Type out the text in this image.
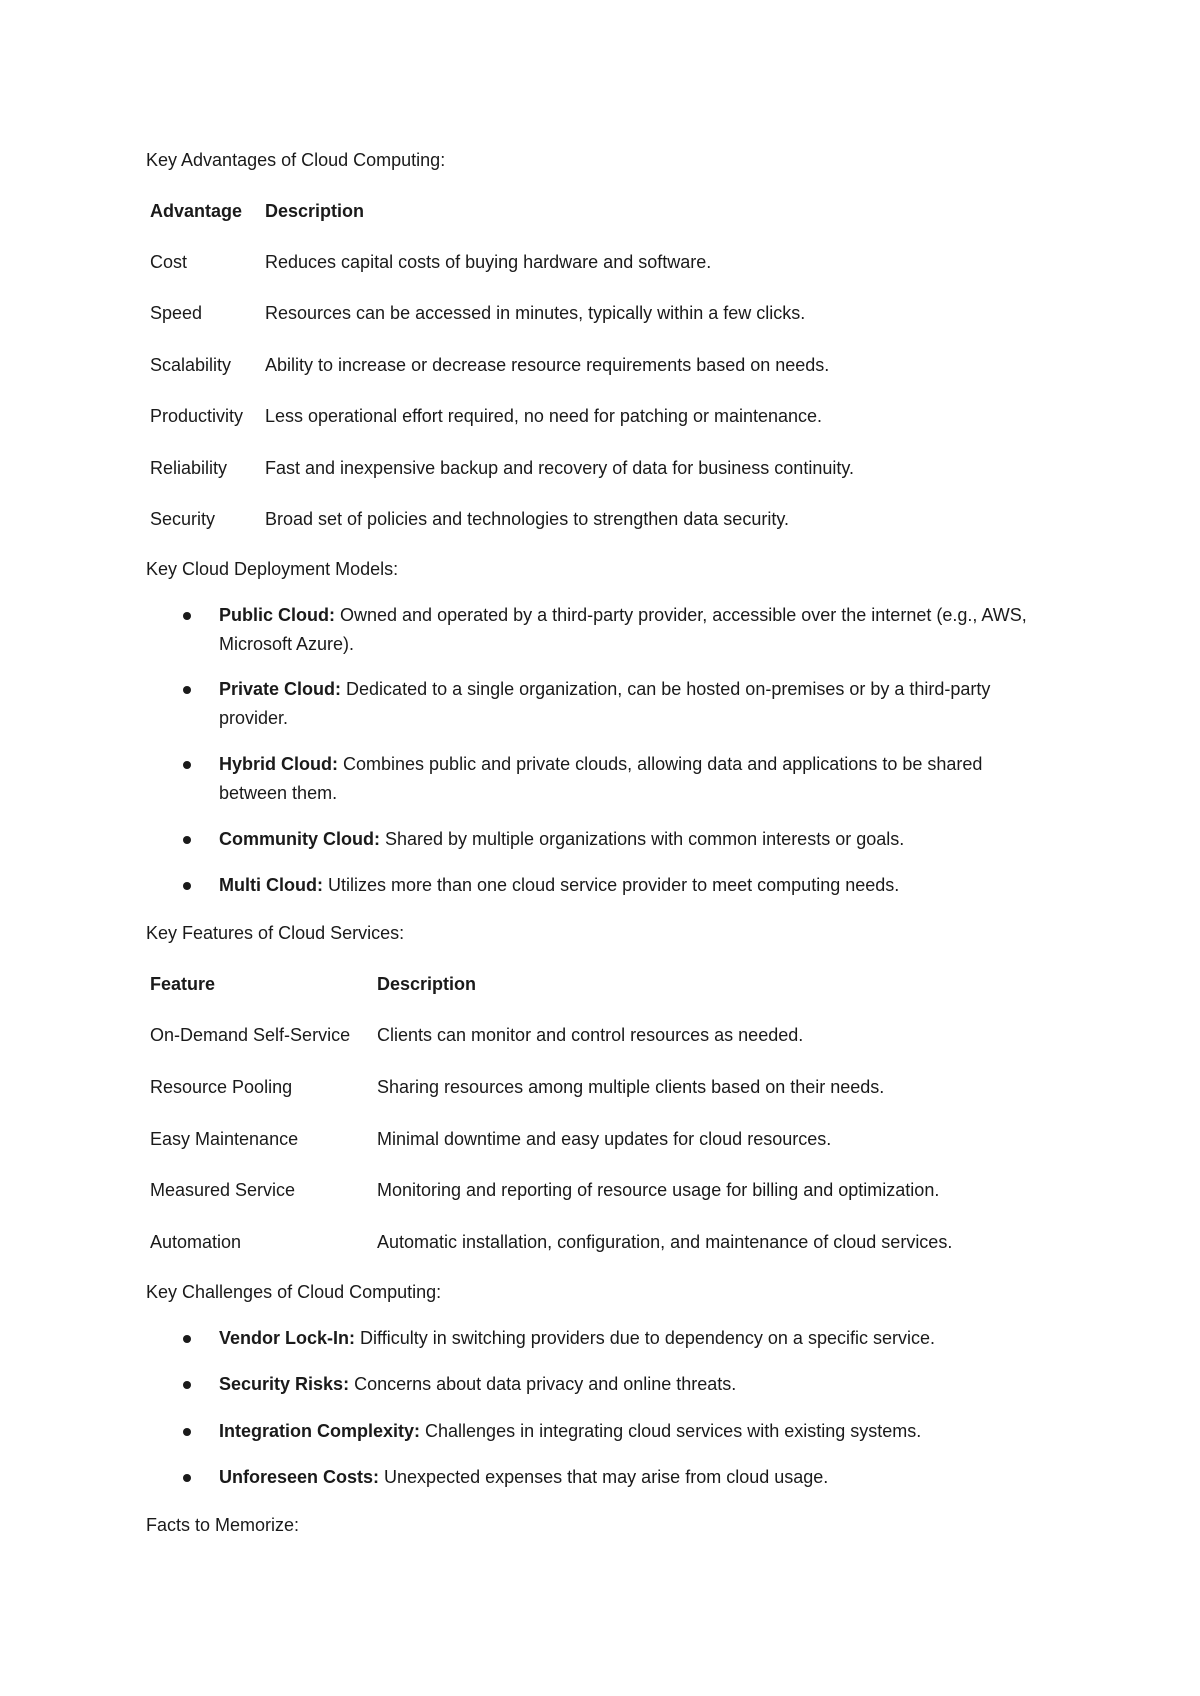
Key Advantages of Cloud Computing:
Advantage Description
Cost	Reduces capital costs of buying hardware and software.
Speed	Resources can be accessed in minutes, typically within a few clicks.
Scalability Ability to increase or decrease resource requirements based on needs.
Productivity Less operational effort required, no need for patching or maintenance.
Reliability Fast and inexpensive backup and recovery of data for business continuity.
Security	Broad set of policies and technologies to strengthen data security.
Key Cloud Deployment Models:
Public Cloud: Owned and operated by a third-party provider, accessible over the internet (e.g., AWS, Microsoft Azure).
Private Cloud: Dedicated to a single organization, can be hosted on-premises or by a third-party provider.
Hybrid Cloud: Combines public and private clouds, allowing data and applications to be shared between them.
Community Cloud: Shared by multiple organizations with common interests or goals.
Multi Cloud: Utilizes more than one cloud service provider to meet computing needs.
Key Features of Cloud Services:
Feature	Description
On-Demand Self-Service Clients can monitor and control resources as needed.
Resource Pooling	Sharing resources among multiple clients based on their needs.
Easy Maintenance	Minimal downtime and easy updates for cloud resources.
Measured Service	Monitoring and reporting of resource usage for billing and optimization.
Automation	Automatic installation, configuration, and maintenance of cloud services.
Key Challenges of Cloud Computing:
Vendor Lock-In: Difficulty in switching providers due to dependency on a specific service.
Security Risks: Concerns about data privacy and online threats.
Integration Complexity: Challenges in integrating cloud services with existing systems.
Unforeseen Costs: Unexpected expenses that may arise from cloud usage.
Facts to Memorize:
